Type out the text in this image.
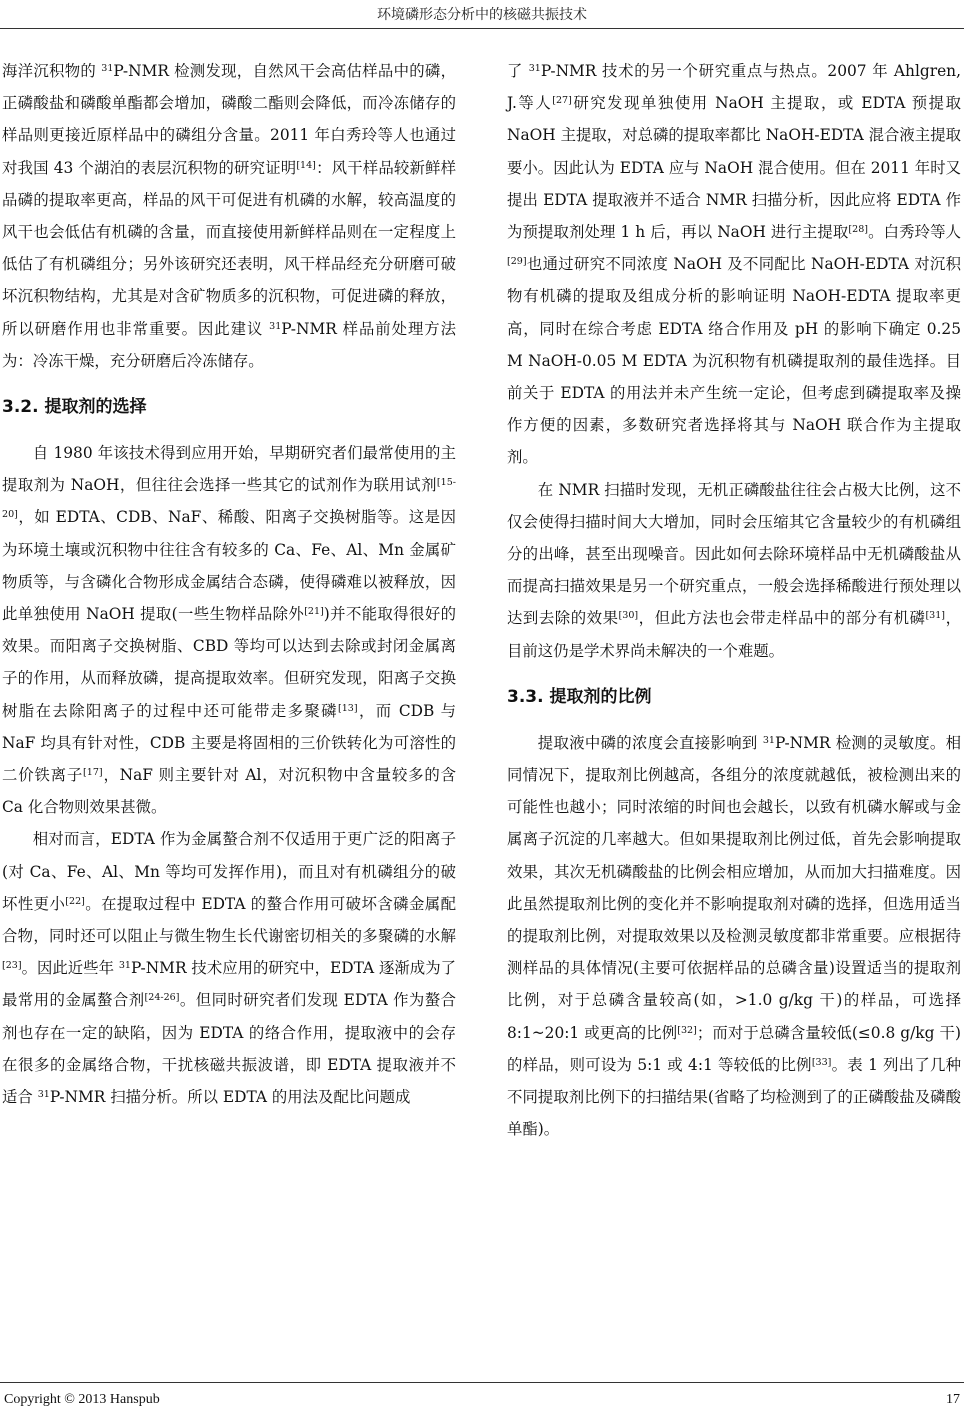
环境磷形态分析中的核磁共振技术

海洋沉积物的 $^{31}$P-NMR 检测发现，自然风干会高估样品中的磷，正磷酸盐和磷酸单酯都会增加，磷酸二酯则会降低，而冷冻储存的样品则更接近原样品中的磷组分含量。2011 年白秀玲等人也通过对我国 43 个湖泊的表层沉积物的研究证明[14]：风干样品较新鲜样品磷的提取率更高，样品的风干可促进有机磷的水解，较高温度的风干也会低估有机磷的含量，而直接使用新鲜样品则在一定程度上低估了有机磷组分；另外该研究还表明，风干样品经充分研磨可破坏沉积物结构，尤其是对含矿物质多的沉积物，可促进磷的释放，所以研磨作用也非常重要。因此建议 $^{31}$P-NMR 样品前处理方法为：冷冻干燥，充分研磨后冷冻储存。

3.2. 提取剂的选择

自 1980 年该技术得到应用开始，早期研究者们最常使用的主提取剂为 NaOH，但往往会选择一些其它的试剂作为联用试剂[15-20]，如 EDTA、CDB、NaF、稀酸、阳离子交换树脂等。这是因为环境土壤或沉积物中往往含有较多的 Ca、Fe、Al、Mn 金属矿物质等，与含磷化合物形成金属结合态磷，使得磷难以被释放，因此单独使用 NaOH 提取(一些生物样品除外[21])并不能取得很好的效果。而阳离子交换树脂、CBD 等均可以达到去除或封闭金属离子的作用，从而释放磷，提高提取效率。但研究发现，阳离子交换树脂在去除阳离子的过程中还可能带走多聚磷[13]，而 CDB 与 NaF 均具有针对性，CDB 主要是将固相的三价铁转化为可溶性的二价铁离子[17]，NaF 则主要针对 Al，对沉积物中含量较多的含 Ca 化合物则效果甚微。

相对而言，EDTA 作为金属螯合剂不仅适用于更广泛的阳离子(对 Ca、Fe、Al、Mn 等均可发挥作用)，而且对有机磷组分的破坏性更小[22]。在提取过程中 EDTA 的螯合作用可破坏含磷金属配合物，同时还可以阻止与微生物生长代谢密切相关的多聚磷的水解[23]。因此近些年 $^{31}$P-NMR 技术应用的研究中，EDTA 逐渐成为了最常用的金属螯合剂[24-26]。但同时研究者们发现 EDTA 作为螯合剂也存在一定的缺陷，因为 EDTA 的络合作用，提取液中的会存在很多的金属络合物，干扰核磁共振波谱，即 EDTA 提取液并不适合 $^{31}$P-NMR 扫描分析。所以 EDTA 的用法及配比问题成

了 $^{31}$P-NMR 技术的另一个研究重点与热点。2007 年 Ahlgren, J.等人[27]研究发现单独使用 NaOH 主提取，或 EDTA 预提取 NaOH 主提取，对总磷的提取率都比 NaOH-EDTA 混合液主提取要小。因此认为 EDTA 应与 NaOH 混合使用。但在 2011 年时又提出 EDTA 提取液并不适合 NMR 扫描分析，因此应将 EDTA 作为预提取剂处理 1 h 后，再以 NaOH 进行主提取[28]。白秀玲等人[29]也通过研究不同浓度 NaOH 及不同配比 NaOH-EDTA 对沉积物有机磷的提取及组成分析的影响证明 NaOH-EDTA 提取率更高，同时在综合考虑 EDTA 络合作用及 pH 的影响下确定 0.25 M NaOH-0.05 M EDTA 为沉积物有机磷提取剂的最佳选择。目前关于 EDTA 的用法并未产生统一定论，但考虑到磷提取率及操作方便的因素，多数研究者选择将其与 NaOH 联合作为主提取剂。

在 NMR 扫描时发现，无机正磷酸盐往往会占极大比例，这不仅会使得扫描时间大大增加，同时会压缩其它含量较少的有机磷组分的出峰，甚至出现噪音。因此如何去除环境样品中无机磷酸盐从而提高扫描效果是另一个研究重点，一般会选择稀酸进行预处理以达到去除的效果[30]，但此方法也会带走样品中的部分有机磷[31]，目前这仍是学术界尚未解决的一个难题。

3.3. 提取剂的比例

提取液中磷的浓度会直接影响到 $^{31}$P-NMR 检测的灵敏度。相同情况下，提取剂比例越高，各组分的浓度就越低，被检测出来的可能性也越小；同时浓缩的时间也会越长，以致有机磷水解或与金属离子沉淀的几率越大。但如果提取剂比例过低，首先会影响提取效果，其次无机磷酸盐的比例会相应增加，从而加大扫描难度。因此虽然提取剂比例的变化并不影响提取剂对磷的选择，但选用适当的提取剂比例，对提取效果以及检测灵敏度都非常重要。应根据待测样品的具体情况(主要可依据样品的总磷含量)设置适当的提取剂比例，对于总磷含量较高(如，>1.0 g/kg 干)的样品，可选择 8:1~20:1 或更高的比例[32]；而对于总磷含量较低(≤0.8 g/kg 干)的样品，则可设为 5:1 或 4:1 等较低的比例[33]。表 1 列出了几种不同提取剂比例下的扫描结果(省略了均检测到了的正磷酸盐及磷酸单酯)。

Copyright © 2013 Hanspub	17
